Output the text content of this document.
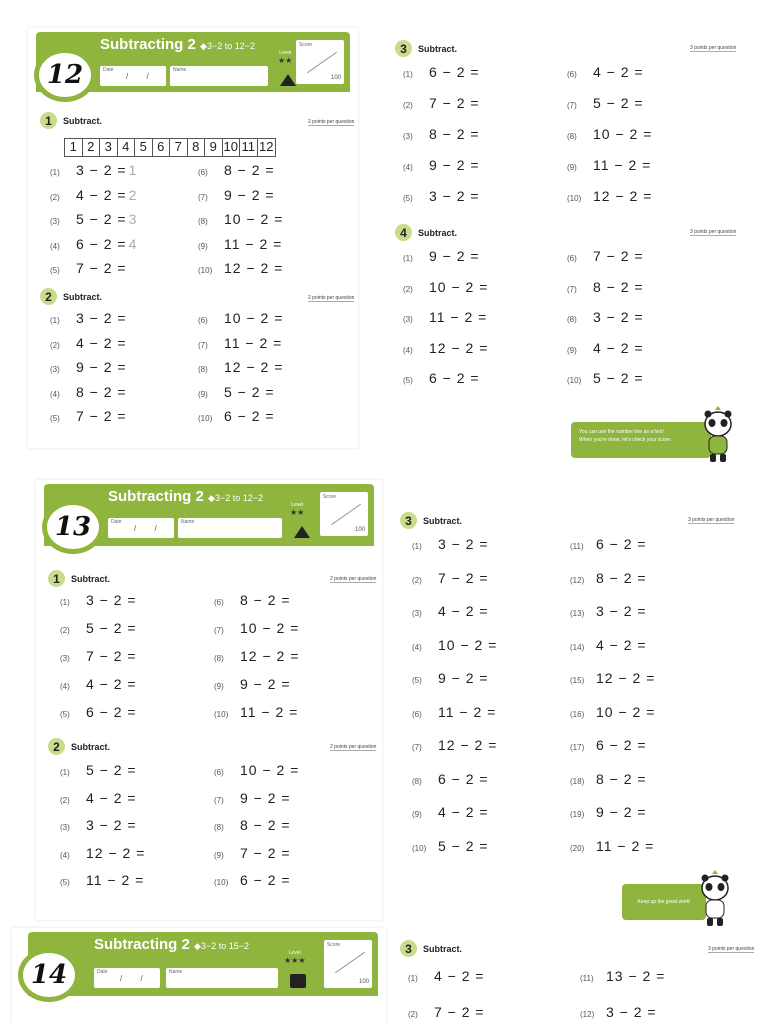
Subtracting 2 ◆3−2 to 12−2
Date
/ /
Name
Level
★★
Score
100
12
1	Subtract.	2 points per question
1 2 3 4 5 6 7 8 9 10 11 12
2	Subtract.	2 points per question
(1)	3 − 2 = 1
(2)	4 − 2 = 2
(3)	5 − 2 = 3
(4)	6 − 2 = 4
(5)	7 − 2 =
(6)	8 − 2 =
(7)	9 − 2 =
(8)	10 − 2 =
(9)	11 − 2 =
(10) 12 − 2 =
(1)	3 − 2 =
(2)	4 − 2 =
(3)	9 − 2 =
(4)	8 − 2 =
(5)	7 − 2 =
(6)	10 − 2 =
(7)	11 − 2 =
(8)	12 − 2 =
(9)	5 − 2 =
(10) 6 − 2 =
3	Subtract.	3 points per question
4	Subtract.	3 points per question
You can use the number line as a hint!
When you're done, let's check your score.
(1)	6 − 2 =
(2)	7 − 2 =
(3)	8 − 2 =
(4)	9 − 2 =
(5)	3 − 2 =
(6)	4 − 2 =
(7)	5 − 2 =
(8)	10 − 2 =
(9)	11 − 2 =
(10) 12 − 2 =
(1)	9 − 2 =
(2)	10 − 2 =
(3)	11 − 2 =
(4)	12 − 2 =
(5)	6 − 2 =
(6)	7 − 2 =
(7)	8 − 2 =
(8)	3 − 2 =
(9)	4 − 2 =
(10) 5 − 2 =
Subtracting 2 ◆3−2 to 12−2
Date
/ /
Name
Level
★★
Score
100
13
1	Subtract.	2 points per question
2	Subtract.	2 points per question
(1)	3 − 2 =
(2)	5 − 2 =
(3)	7 − 2 =
(4)	4 − 2 =
(5)	6 − 2 =
(6)	8 − 2 =
(7)	10 − 2 =
(8)	12 − 2 =
(9)	9 − 2 =
(10) 11 − 2 =
(1)	5 − 2 =
(2)	4 − 2 =
(3)	3 − 2 =
(4)	12 − 2 =
(5)	11 − 2 =
(6)	10 − 2 =
(7)	9 − 2 =
(8)	8 − 2 =
(9)	7 − 2 =
(10) 6 − 2 =
3	Subtract.	3 points per question
Keep up the great work!
(1)	3 − 2 =
(2)	7 − 2 =
(3)	4 − 2 =
(4)	10 − 2 =
(5)	9 − 2 =
(6)	11 − 2 =
(7)	12 − 2 =
(8)	6 − 2 =
(9)	4 − 2 =
(10) 5 − 2 =
(11) 6 − 2 =
(12) 8 − 2 =
(13) 3 − 2 =
(14) 4 − 2 =
(15) 12 − 2 =
(16) 10 − 2 =
(17) 6 − 2 =
(18) 8 − 2 =
(19) 9 − 2 =
(20) 11 − 2 =
Subtracting 2 ◆3−2 to 15−2
Date
/ /
Name
Level
★★★
Score
100
14
3	Subtract.	3 points per question
(1)	4 − 2 =
(2)	7 − 2 =
(11) 13 − 2 =
(12) 3 − 2 =
